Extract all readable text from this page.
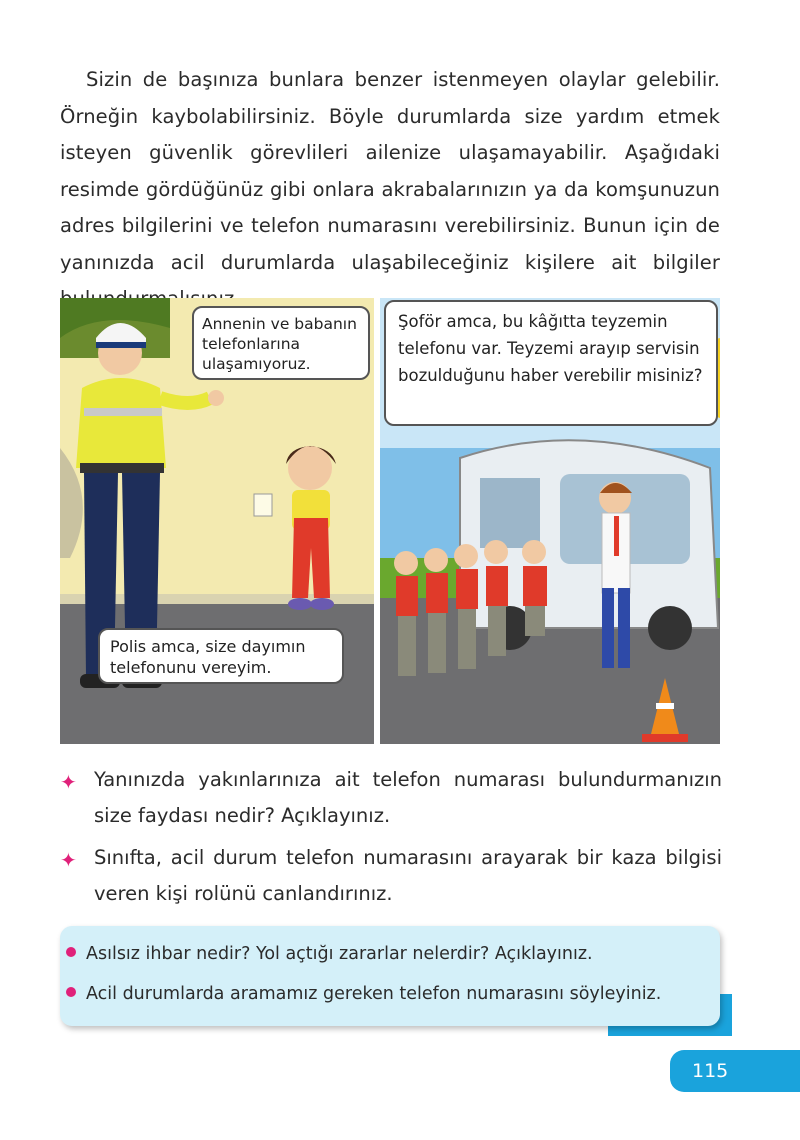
Sizin de başınıza bunlara benzer istenmeyen olaylar gelebilir. Örneğin kaybolabilirsiniz. Böyle durumlarda size yardım etmek isteyen güvenlik görevlileri ailenize ulaşamayabilir. Aşağıdaki resimde gördüğünüz gibi onlara akrabalarınızın ya da komşunuzun adres bilgilerini ve telefon numarasını verebilirsiniz. Bunun için de yanınızda acil durumlarda ulaşabileceğiniz kişilere ait bilgiler

Annenin ve babanın telefonlarına ulaşamıyoruz.
Polis amca, size dayımın telefonunu vereyim.
Şoför amca, bu kâğıtta teyzemin telefonu var. Teyzemi arayıp servisin bozulduğunu haber verebilir misiniz?
✦ Yanınızda yakınlarınıza ait telefon numarası bulundurmanızın size faydası nedir? Açıklayınız.
✦ Sınıfta, acil durum telefon numarasını arayarak bir kaza bilgisi veren kişi rolünü canlandırınız.
Asılsız ihbar nedir? Yol açtığı zararlar nelerdir? Açıklayınız.
Acil durumlarda aramamız gereken telefon numarasını söyleyiniz.
115
